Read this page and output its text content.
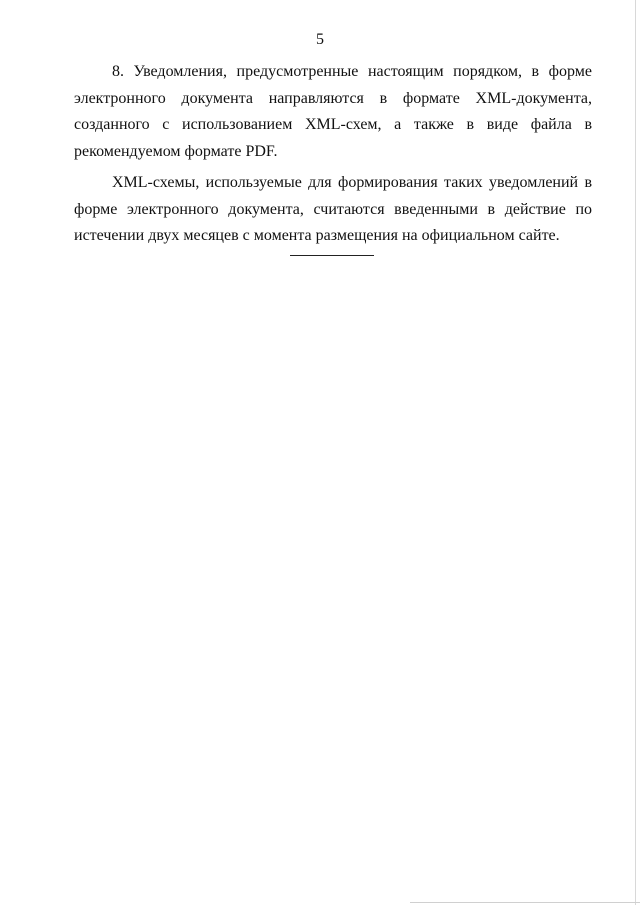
5

8. Уведомления, предусмотренные настоящим порядком, в форме электронного документа направляются в формате XML-документа, созданного с использованием XML-схем, а также в виде файла в рекомендуемом формате PDF.

XML-схемы, используемые для формирования таких уведомлений в форме электронного документа, считаются введенными в действие по истечении двух месяцев с момента размещения на официальном сайте.
